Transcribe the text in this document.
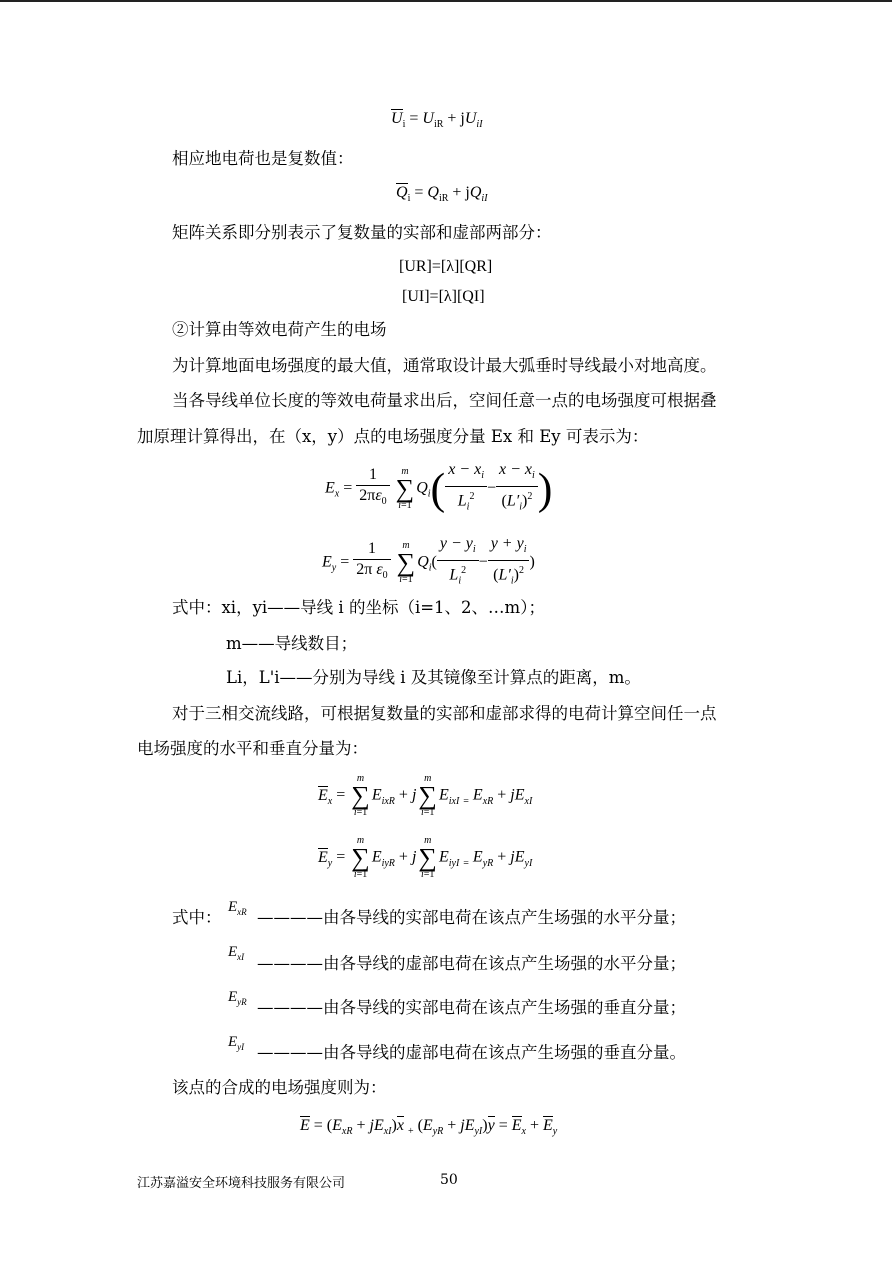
$U_i = U_{iR} + jU_{iI}$
相应地电荷也是复数值：
$Q_i = Q_{iR} + jQ_{iI}$
矩阵关系即分别表示了复数量的实部和虚部两部分：
[UR]=[λ][QR]
[UI]=[λ][QI]
②计算由等效电荷产生的电场
为计算地面电场强度的最大值，通常取设计最大弧垂时导线最小对地高度。
当各导线单位长度的等效电荷量求出后，空间任意一点的电场强度可根据叠
加原理计算得出，在（x，y）点的电场强度分量 Ex 和 Ey 可表示为：
$E_x = \frac{1}{2\pi\varepsilon_0}$ m
∑
$i=1Q_i( \frac{x - x_i}{L_i^2} - \frac{x - x_i}{(L'_i)^2}$ )
$E_y = \frac{1}{2\pi \varepsilon_0}$ m
∑
$i=1Q_i( \frac{y - y_i}{L_i^2} - \frac{y + y_i}{(L'_i)^2}$ )
式中：xi，yi——导线 i 的坐标（i=1、2、…m）；
m——导线数目；
Li，L'i——分别为导线 i 及其镜像至计算点的距离，m。
对于三相交流线路，可根据复数量的实部和虚部求得的电荷计算空间任一点
电场强度的水平和垂直分量为：
$E_x = m$
∑
$i=1E_{ixR}$ + jm
∑
$i=1E_{ixI}$ $_=$ $E_{xR} + jE_{xI}$
$E_y = m$
∑
$i=1E_{iyR}$ + jm
∑
$i=1E_{iyI}$ $_=$ $E_{yR} + jE_{yI}$
式中：
$E_{xR}$ ————由各导线的实部电荷在该点产生场强的水平分量；
$E_{xI}$ ————由各导线的虚部电荷在该点产生场强的水平分量；
$E_{yR}$ ————由各导线的实部电荷在该点产生场强的垂直分量；
$E_{yI}$ ————由各导线的虚部电荷在该点产生场强的垂直分量。
该点的合成的电场强度则为：
$E = (E_{xR} + jE_{xI})x$ $_+$ $(E_{yR} + jE_{yI})y = E_x + E_y$
江苏嘉溢安全环境科技服务有限公司	50
